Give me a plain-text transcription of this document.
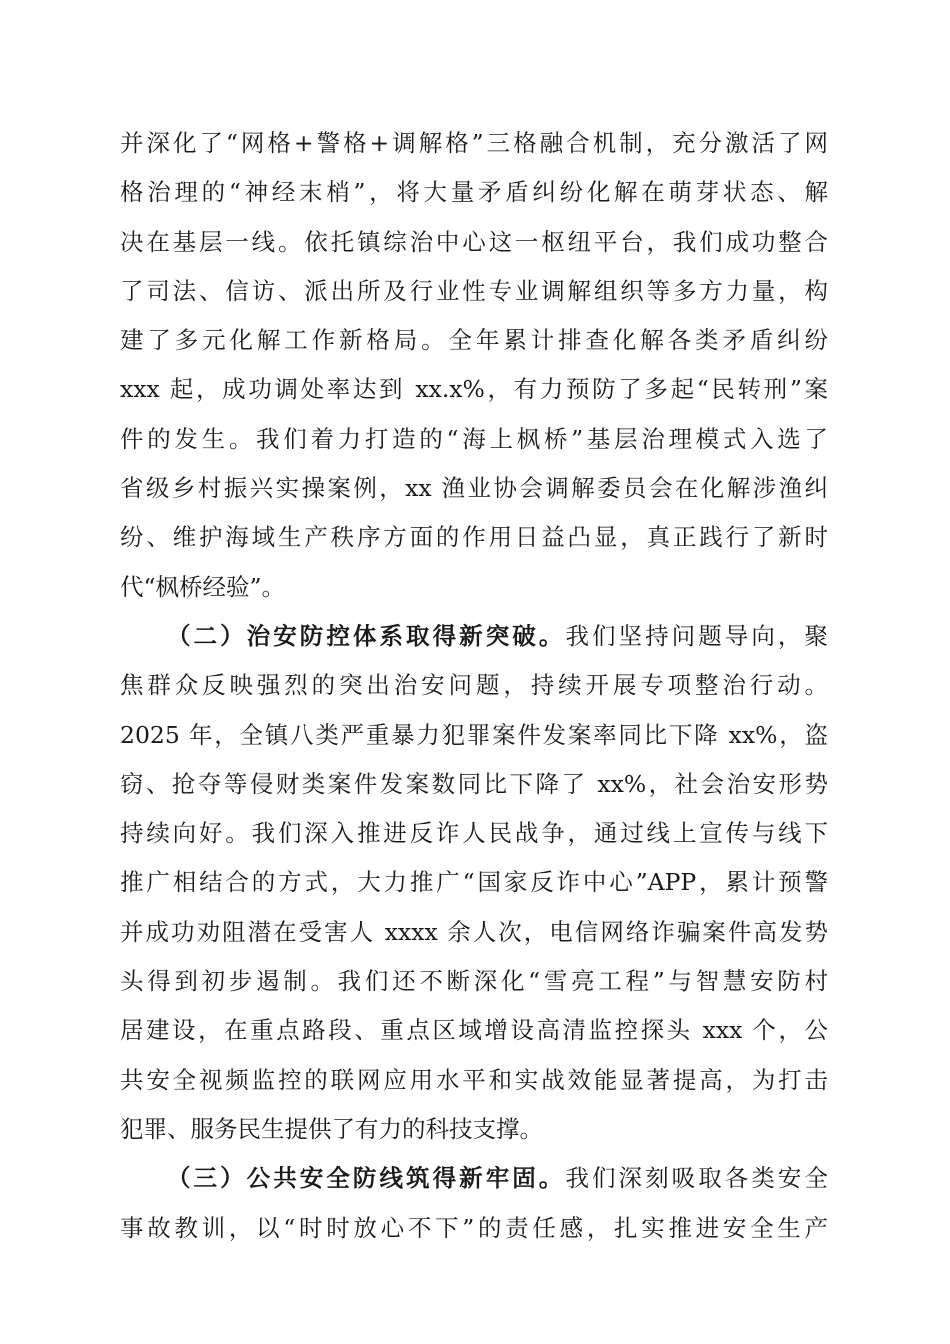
并深化了“网格+警格+调解格”三格融合机制，充分激活了网
格治理的“神经末梢”，将大量矛盾纠纷化解在萌芽状态、解
决在基层一线。依托镇综治中心这一枢纽平台，我们成功整合
了司法、信访、派出所及行业性专业调解组织等多方力量，构
建了多元化解工作新格局。全年累计排查化解各类矛盾纠纷
xxx 起，成功调处率达到 xx.x%，有力预防了多起“民转刑”案
件的发生。我们着力打造的“海上枫桥”基层治理模式入选了
省级乡村振兴实操案例，xx 渔业协会调解委员会在化解涉渔纠
纷、维护海域生产秩序方面的作用日益凸显，真正践行了新时
代“枫桥经验”。
（二）治安防控体系取得新突破。我们坚持问题导向，聚
焦群众反映强烈的突出治安问题，持续开展专项整治行动。
2025 年，全镇八类严重暴力犯罪案件发案率同比下降 xx%，盗
窃、抢夺等侵财类案件发案数同比下降了 xx%，社会治安形势
持续向好。我们深入推进反诈人民战争，通过线上宣传与线下
推广相结合的方式，大力推广“国家反诈中心”APP，累计预警
并成功劝阻潜在受害人 xxxx 余人次，电信网络诈骗案件高发势
头得到初步遏制。我们还不断深化“雪亮工程”与智慧安防村
居建设，在重点路段、重点区域增设高清监控探头 xxx 个，公
共安全视频监控的联网应用水平和实战效能显著提高，为打击
犯罪、服务民生提供了有力的科技支撑。
（三）公共安全防线筑得新牢固。我们深刻吸取各类安全
事故教训，以“时时放心不下”的责任感，扎实推进安全生产
